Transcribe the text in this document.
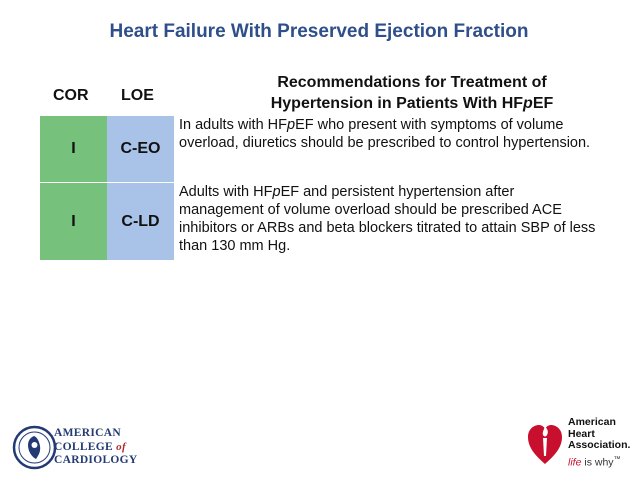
Heart Failure With Preserved Ejection Fraction
COR LOE
Recommendations for Treatment of
Hypertension in Patients With HFpEF
I	C-EO
In adults with HFpEF who present with symptoms of volume overload, diuretics should be prescribed to control hypertension.
I	C-LD
Adults with HFpEF and persistent hypertension after management of volume overload should be prescribed ACE inhibitors or ARBs and beta blockers titrated to attain SBP of less than 130 mm Hg.
AMERICAN
COLLEGE of
CARDIOLOGY
American
Heart
Association.
life is why™
